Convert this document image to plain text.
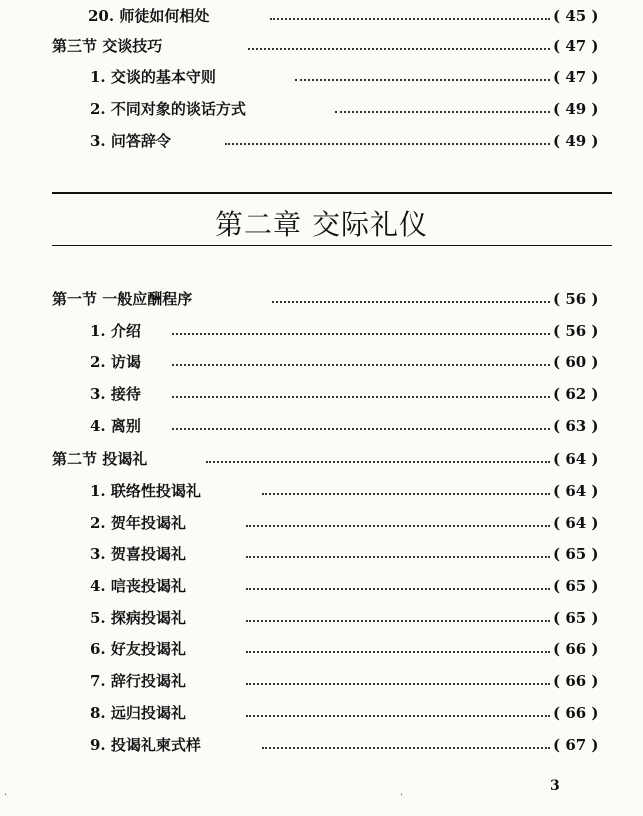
20. 师徒如何相处	( 45 )
第三节 交谈技巧	( 47 )
1. 交谈的基本守则	( 47 )
2. 不同对象的谈话方式	( 49 )
3. 问答辞令	( 49 )
第二章 交际礼仪
第一节 一般应酬程序	( 56 )
1. 介绍	( 56 )
2. 访谒	( 60 )
3. 接待	( 62 )
4. 离别	( 63 )
第二节 投谒礼	( 64 )
1. 联络性投谒礼	( 64 )
2. 贺年投谒礼	( 64 )
3. 贺喜投谒礼	( 65 )
4. 唁丧投谒礼	( 65 )
5. 探病投谒礼	( 65 )
6. 好友投谒礼	( 66 )
7. 辞行投谒礼	( 66 )
8. 远归投谒礼	( 66 )
9. 投谒礼柬式样	( 67 )
3
·	·
